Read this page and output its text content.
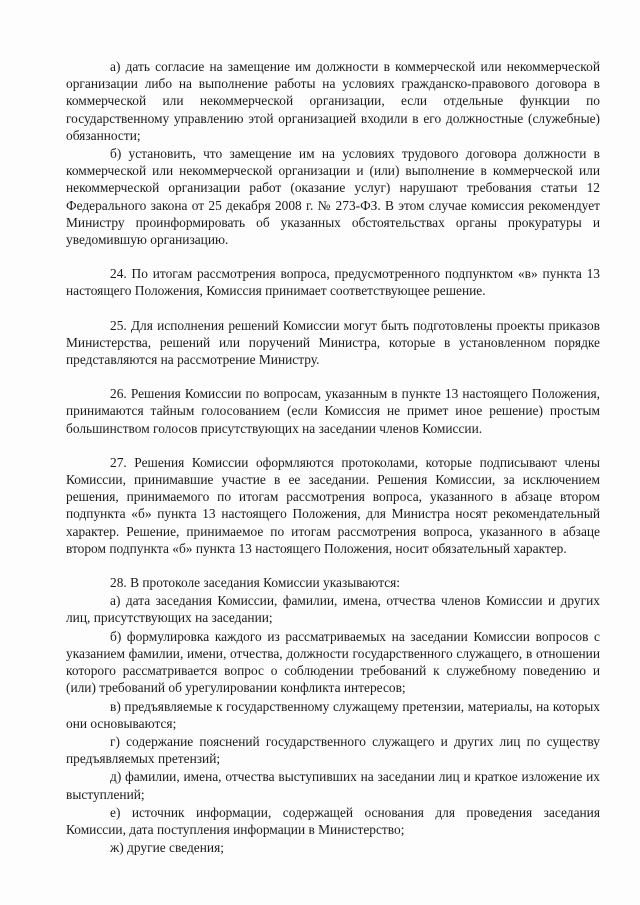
а) дать согласие на замещение им должности в коммерческой или некоммерческой организации либо на выполнение работы на условиях гражданско-правового договора в коммерческой или некоммерческой организации, если отдельные функции по государственному управлению этой организацией входили в его должностные (служебные) обязанности;

б) установить, что замещение им на условиях трудового договора должности в коммерческой или некоммерческой организации и (или) выполнение в коммерческой или некоммерческой организации работ (оказание услуг) нарушают требования статьи 12 Федерального закона от 25 декабря 2008 г. № 273-ФЗ. В этом случае комиссия рекомендует Министру проинформировать об указанных обстоятельствах органы прокуратуры и уведомившую организацию.

24. По итогам рассмотрения вопроса, предусмотренного подпунктом «в» пункта 13 настоящего Положения, Комиссия принимает соответствующее решение.

25. Для исполнения решений Комиссии могут быть подготовлены проекты приказов Министерства, решений или поручений Министра, которые в установленном порядке представляются на рассмотрение Министру.

26. Решения Комиссии по вопросам, указанным в пункте 13 настоящего Положения, принимаются тайным голосованием (если Комиссия не примет иное решение) простым большинством голосов присутствующих на заседании членов Комиссии.

27. Решения Комиссии оформляются протоколами, которые подписывают члены Комиссии, принимавшие участие в ее заседании. Решения Комиссии, за исключением решения, принимаемого по итогам рассмотрения вопроса, указанного в абзаце втором подпункта «б» пункта 13 настоящего Положения, для Министра носят рекомендательный характер. Решение, принимаемое по итогам рассмотрения вопроса, указанного в абзаце втором подпункта «б» пункта 13 настоящего Положения, носит обязательный характер.

28. В протоколе заседания Комиссии указываются:

а) дата заседания Комиссии, фамилии, имена, отчества членов Комиссии и других лиц, присутствующих на заседании;

б) формулировка каждого из рассматриваемых на заседании Комиссии вопросов с указанием фамилии, имени, отчества, должности государственного служащего, в отношении которого рассматривается вопрос о соблюдении требований к служебному поведению и (или) требований об урегулировании конфликта интересов;

в) предъявляемые к государственному служащему претензии, материалы, на которых они основываются;

г) содержание пояснений государственного служащего и других лиц по существу предъявляемых претензий;

д) фамилии, имена, отчества выступивших на заседании лиц и краткое изложение их выступлений;

е) источник информации, содержащей основания для проведения заседания Комиссии, дата поступления информации в Министерство;

ж) другие сведения;
